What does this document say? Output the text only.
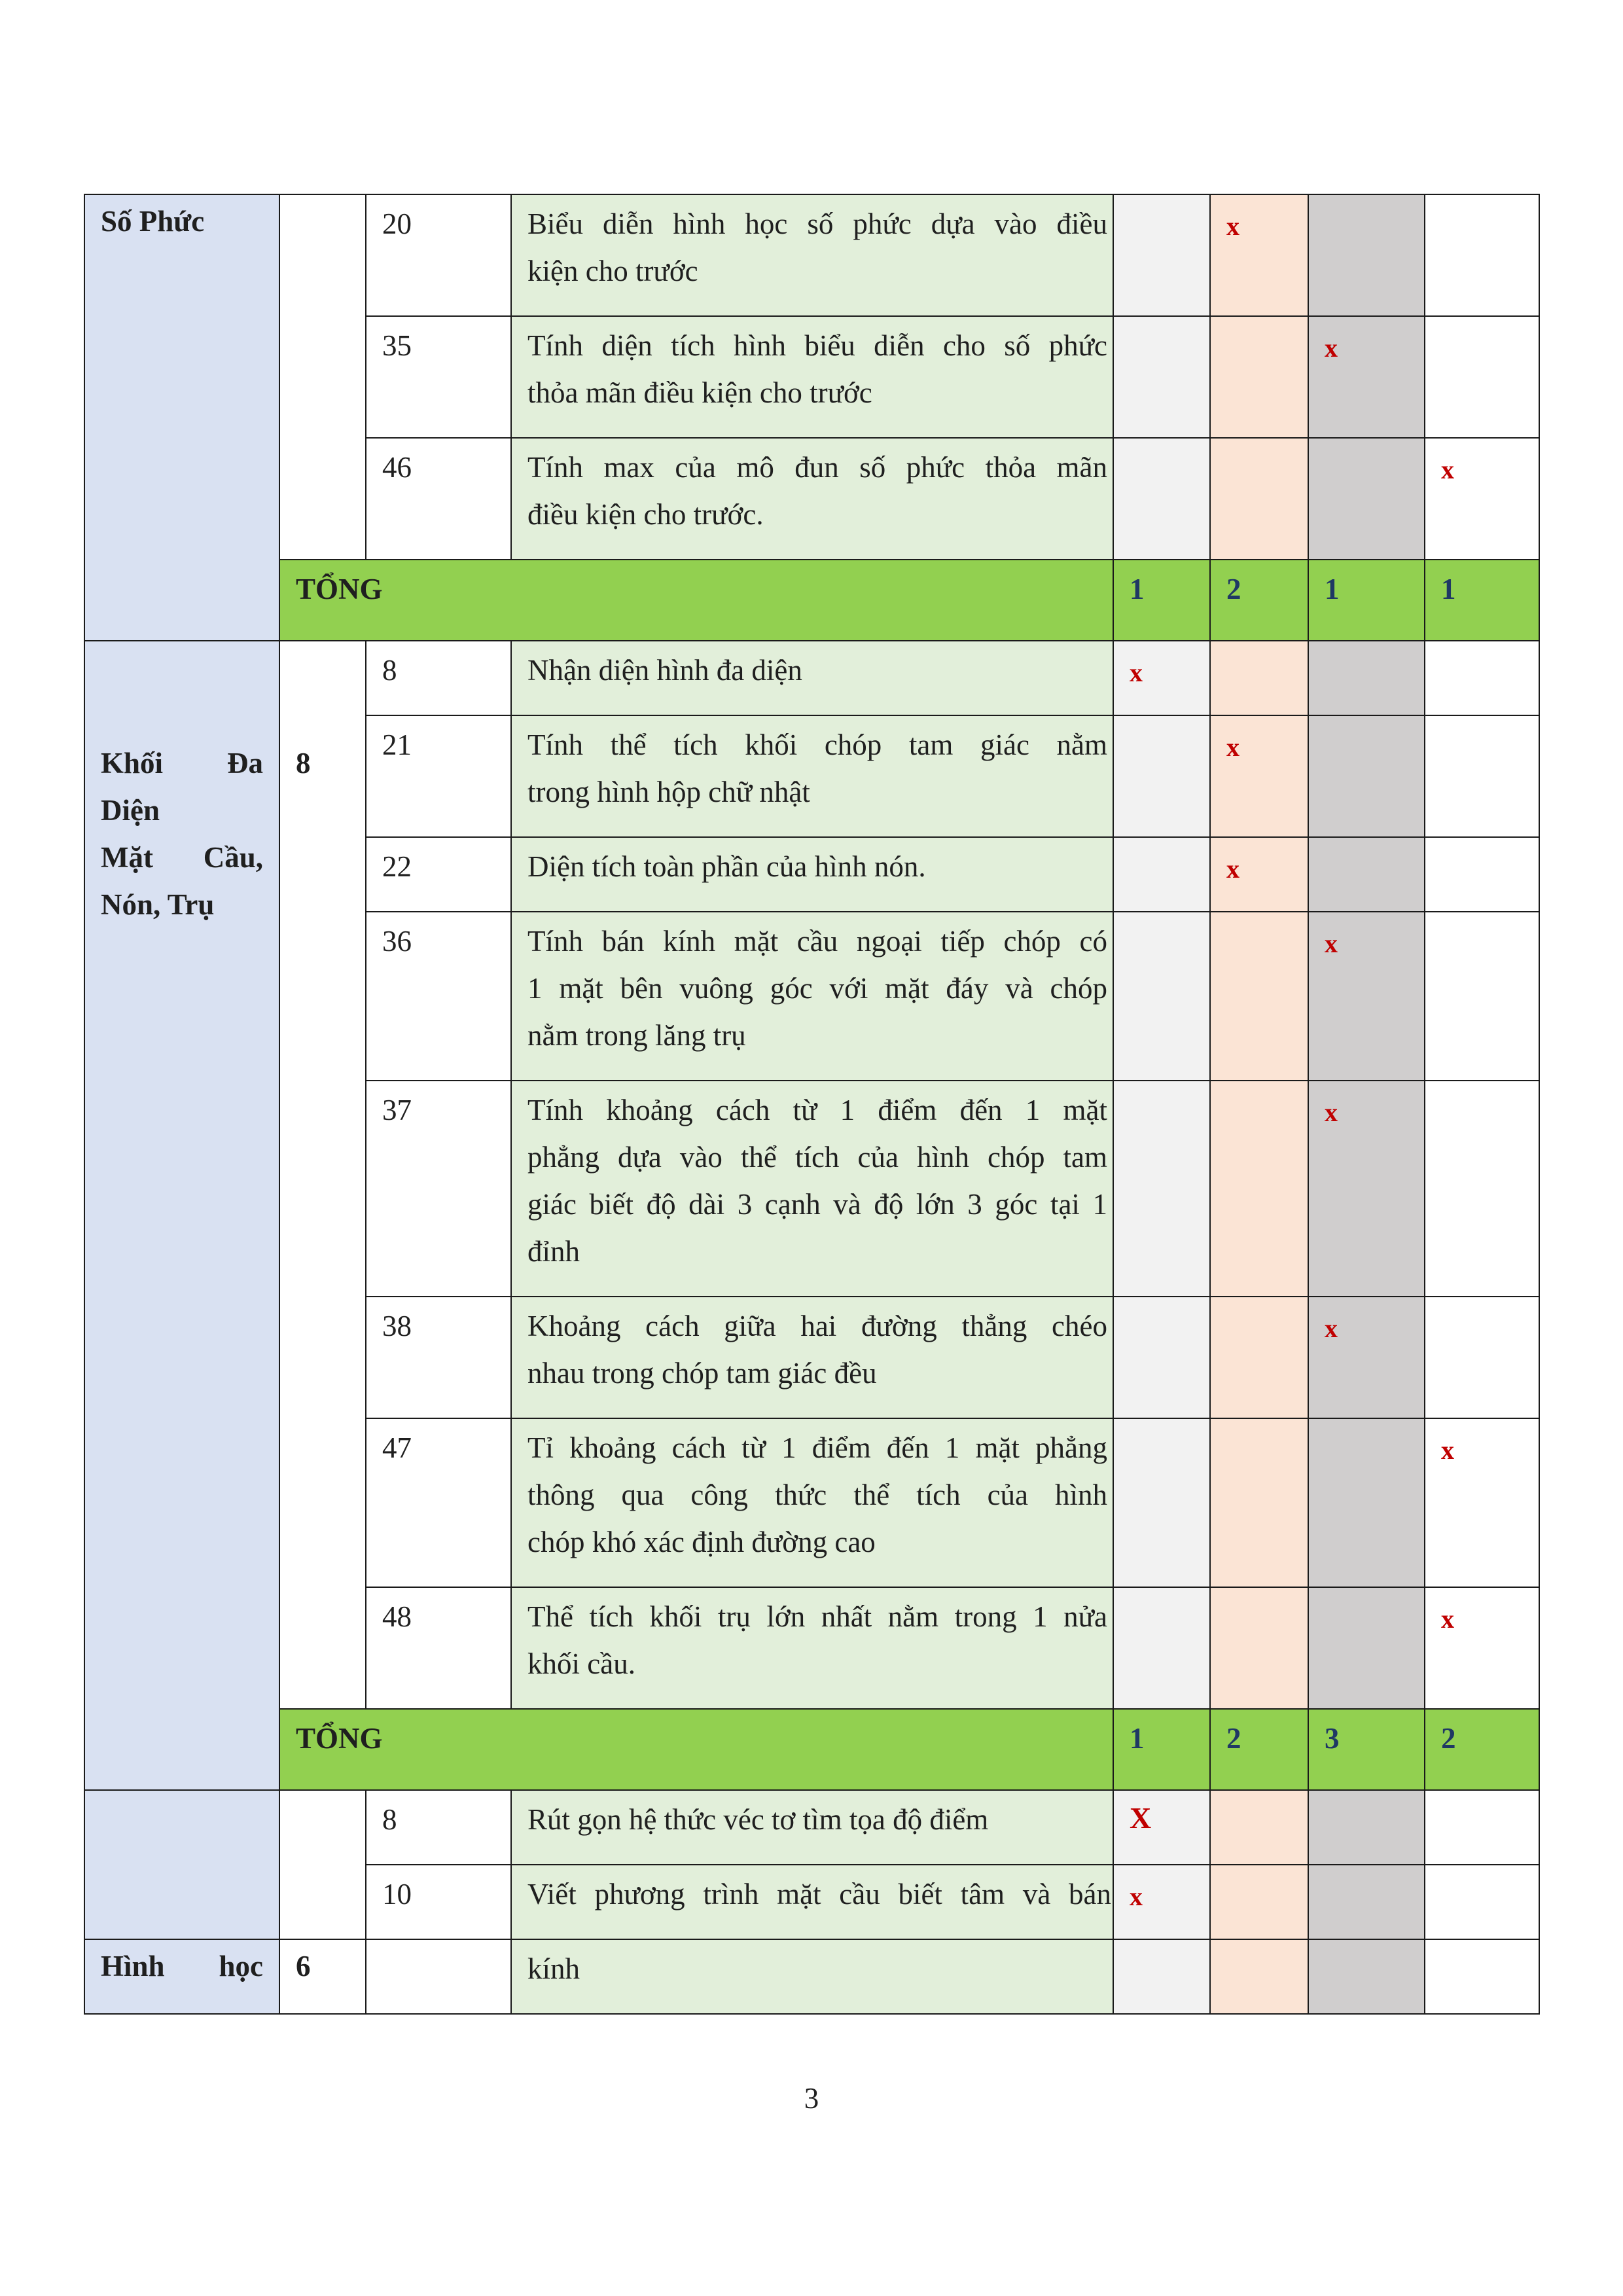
Số Phức		20	Biểu diễn hình học số phức dựa vào điều
kiện cho trước		x		
		35	Tính diện tích hình biểu diễn cho số phức
thỏa mãn điều kiện cho trước			x	
		46	Tính max của mô đun số phức thỏa mãn
điều kiện cho trước.				x
	TỔNG			1	2	1	1

Khối Đa
Diện
Mặt Cầu,
Nón, Trụ	8	8	Nhận diện hình đa diện	x			
		21	Tính thể tích khối chóp tam giác nằm
trong hình hộp chữ nhật		x		
		22	Diện tích toàn phần của hình nón.		x		
		36	Tính bán kính mặt cầu ngoại tiếp chóp có
1 mặt bên vuông góc với mặt đáy và chóp
nằm trong lăng trụ			x	
		37	Tính khoảng cách từ 1 điểm đến 1 mặt
phẳng dựa vào thể tích của hình chóp tam
giác biết độ dài 3 cạnh và độ lớn 3 góc tại 1
đỉnh			x	
		38	Khoảng cách giữa hai đường thẳng chéo
nhau trong chóp tam giác đều			x	
		47	Tỉ khoảng cách từ 1 điểm đến 1 mặt phẳng
thông qua công thức thể tích của hình
chóp khó xác định đường cao				x
		48	Thể tích khối trụ lớn nhất nằm trong 1 nửa
khối cầu.				x
	TỔNG			1	2	3	2
		8	Rút gọn hệ thức véc tơ tìm tọa độ điểm	X			
		10	Viết phương trình mặt cầu biết tâm và bán	x			

Hình học	6		kính				

3
